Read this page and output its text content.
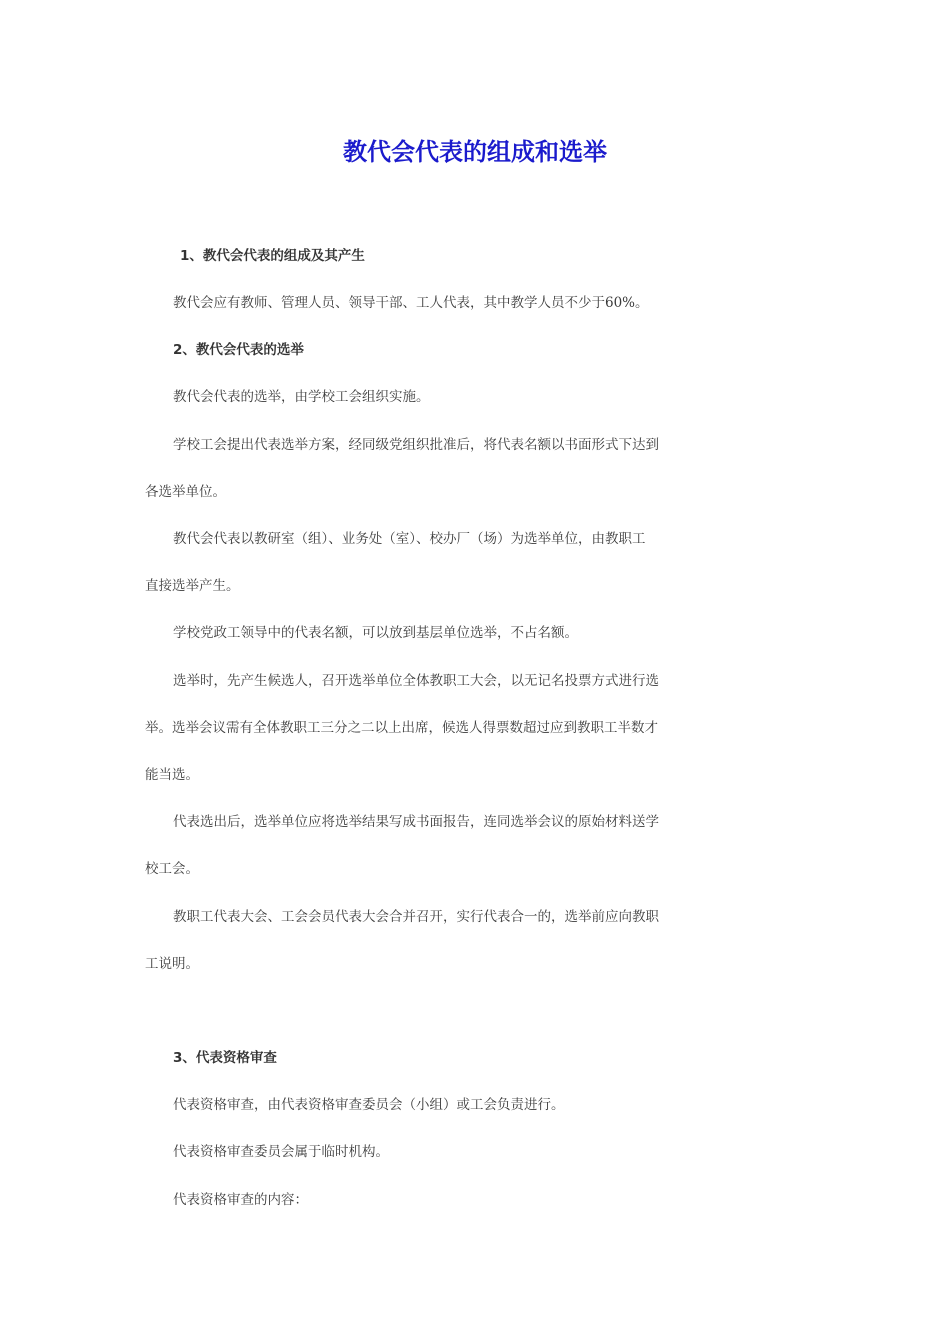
教代会代表的组成和选举
1、教代会代表的组成及其产生
教代会应有教师、管理人员、领导干部、工人代表，其中教学人员不少于60%。
2、教代会代表的选举
教代会代表的选举，由学校工会组织实施。
学校工会提出代表选举方案，经同级党组织批准后，将代表名额以书面形式下达到
各选举单位。
教代会代表以教研室（组）、业务处（室）、校办厂（场）为选举单位，由教职工
直接选举产生。
学校党政工领导中的代表名额，可以放到基层单位选举，不占名额。
选举时，先产生候选人，召开选举单位全体教职工大会，以无记名投票方式进行选
举。选举会议需有全体教职工三分之二以上出席，候选人得票数超过应到教职工半数才
能当选。
代表选出后，选举单位应将选举结果写成书面报告，连同选举会议的原始材料送学
校工会。
教职工代表大会、工会会员代表大会合并召开，实行代表合一的，选举前应向教职
工说明。
3、代表资格审查
代表资格审查，由代表资格审查委员会（小组）或工会负责进行。
代表资格审查委员会属于临时机构。
代表资格审查的内容：
